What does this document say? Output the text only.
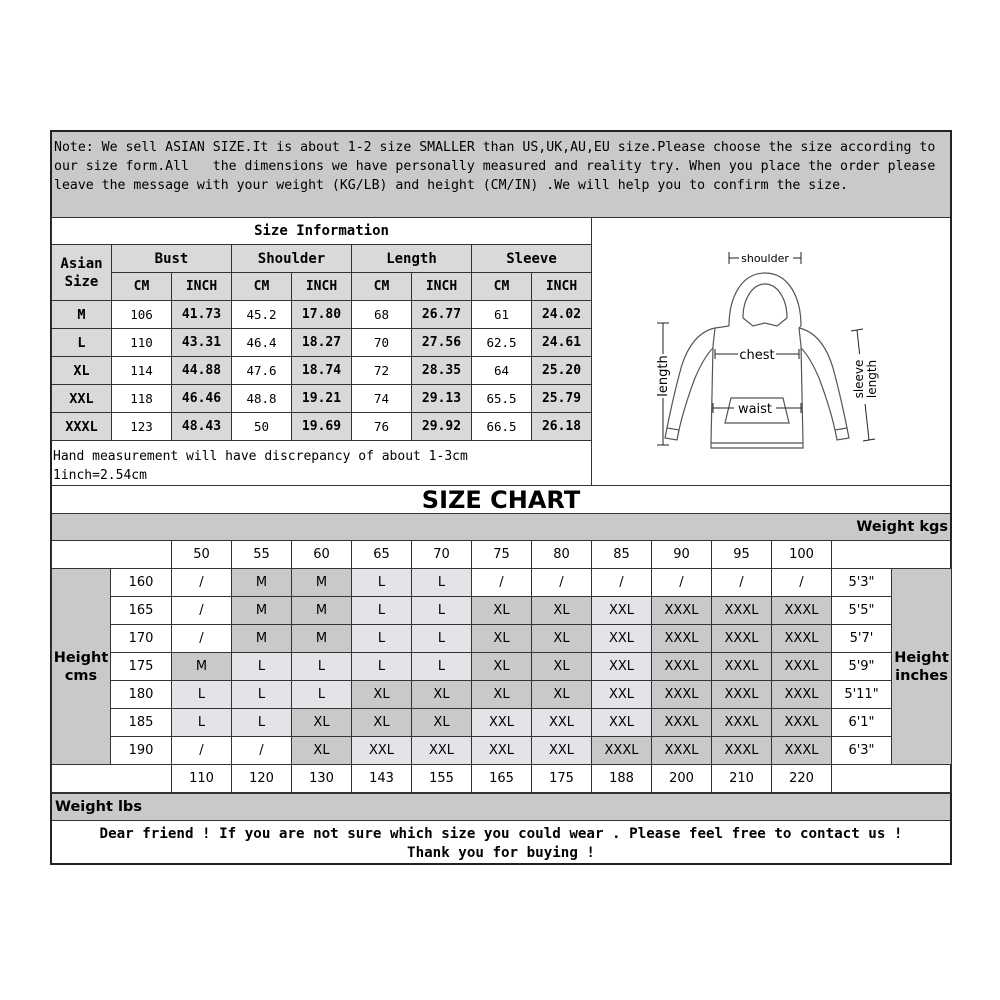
Note: We sell ASIAN SIZE.It is about 1-2 size SMALLER than US,UK,AU,EU size.Please choose the size according to our size form.All   the dimensions we have personally measured and reality try. When you place the order please leave the message with your weight (KG/LB) and height (CM/IN) .We will help you to confirm the size.
Size Information								
Asian Size	Bust		Shoulder		Length		Sleeve	
	CM	INCH	CM	INCH	CM	INCH	CM	INCH
M	106	41.73	45.2	17.80	68	26.77	61	24.02
L	110	43.31	46.4	18.27	70	27.56	62.5	24.61
XL	114	44.88	47.6	18.74	72	28.35	64	25.20
XXL	118	46.46	48.8	19.21	74	29.13	65.5	25.79
XXXL	123	48.43	50	19.69	76	29.92	66.5	26.18
Hand measurement will have discrepancy of about 1-3cm
1inch=2.54cm
shoulder
chest
waist
length	sleeve length
SIZE CHART
Weight kgs
		50	55	60	65	70	75	80	85	90	95	100		
Height cms	160	/	M	M	L	L	/	/	/	/	/	/	5'3"	Height inches
	165	/	M	M	L	L	XL	XL	XXL	XXXL	XXXL	XXXL	5'5"	
	170	/	M	M	L	L	XL	XL	XXL	XXXL	XXXL	XXXL	5'7'	
	175	M	L	L	L	L	XL	XL	XXL	XXXL	XXXL	XXXL	5'9"	
	180	L	L	L	XL	XL	XL	XL	XXL	XXXL	XXXL	XXXL	5'11"	
	185	L	L	XL	XL	XL	XXL	XXL	XXL	XXXL	XXXL	XXXL	6'1"	
	190	/	/	XL	XXL	XXL	XXL	XXL	XXXL	XXXL	XXXL	XXXL	6'3"	
		110	120	130	143	155	165	175	188	200	210	220		
Weight lbs
Dear friend ! If you are not sure which size you could wear . Please feel free to contact us !
Thank you for buying !
